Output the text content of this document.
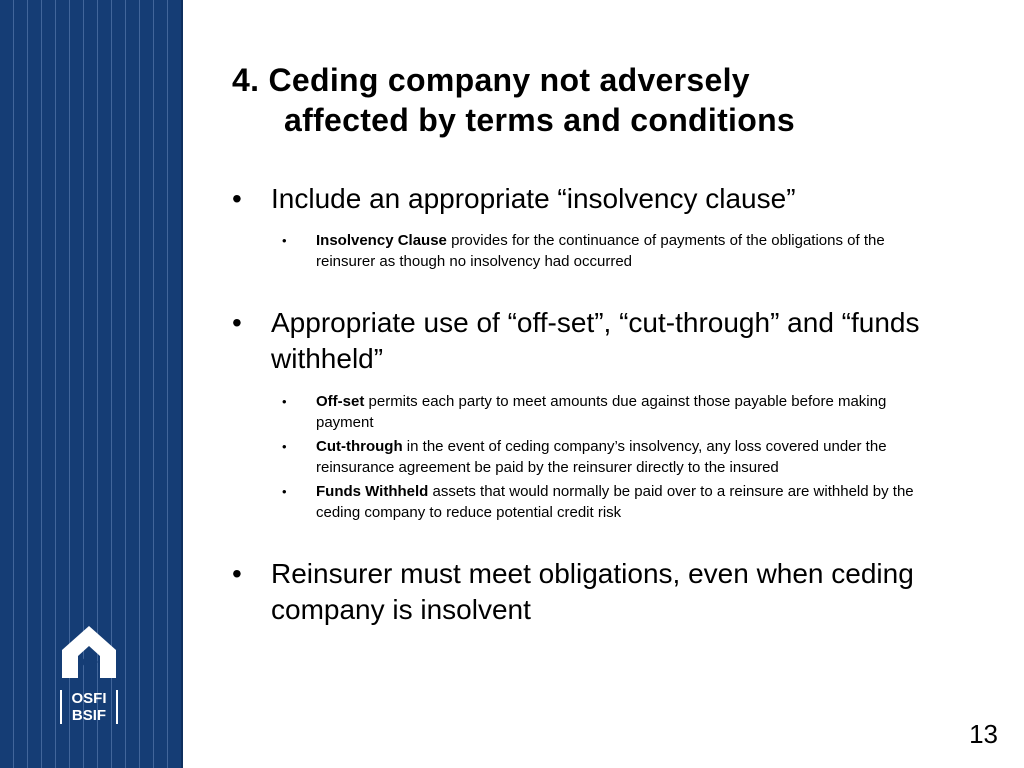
OSFI
BSIF
4. Ceding company not adversely
affected by terms and conditions
• Include an appropriate “insolvency clause”
• Insolvency Clause provides for the continuance of payments of the obligations of the reinsurer as though no insolvency had occurred
• Appropriate use of “off-set”, “cut-through” and “funds withheld”
• Off-set permits each party to meet amounts due against those payable before making payment
• Cut-through in the event of ceding company’s insolvency, any loss covered under the reinsurance agreement be paid by the reinsurer directly to the insured
• Funds Withheld assets that would normally be paid over to a reinsure are withheld by the ceding company to reduce potential credit risk
• Reinsurer must meet obligations, even when ceding company is insolvent
13
